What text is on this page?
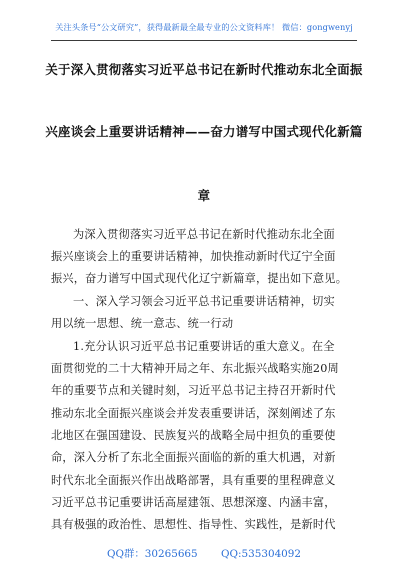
关注头条号“公文研究”，获得最新最全最专业的公文资料库！ 微信：gongwenyj
关于深入贯彻落实习近平总书记在新时代推动东北全面振
兴座谈会上重要讲话精神——奋力谱写中国式现代化新篇
章
为深入贯彻落实习近平总书记在新时代推动东北全面
振兴座谈会上的重要讲话精神，加快推动新时代辽宁全面
振兴，奋力谱写中国式现代化辽宁新篇章，提出如下意见。
一、深入学习领会习近平总书记重要讲话精神，切实
用以统一思想、统一意志、统一行动
1.充分认识习近平总书记重要讲话的重大意义。在全
面贯彻党的二十大精神开局之年、东北振兴战略实施20周
年的重要节点和关键时刻，习近平总书记主持召开新时代
推动东北全面振兴座谈会并发表重要讲话，深刻阐述了东
北地区在强国建设、民族复兴的战略全局中担负的重要使
命，深入分析了东北全面振兴面临的新的重大机遇，对新
时代东北全面振兴作出战略部署，具有重要的里程碑意义
习近平总书记重要讲话高屋建瓴、思想深邃、内涵丰富，
具有极强的政治性、思想性、指导性、实践性，是新时代
QQ群：30265665 QQ:535304092
